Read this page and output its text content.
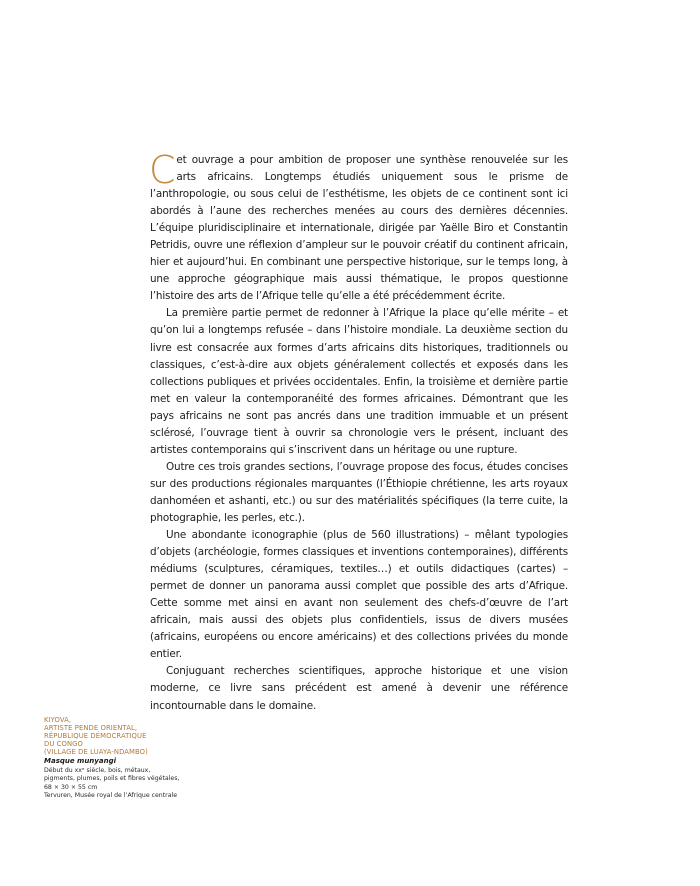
Cet ouvrage a pour ambition de proposer une synthèse renouvelée sur les arts africains. Longtemps étudiés uniquement sous le prisme de l’anthropologie, ou sous celui de l’esthétisme, les objets de ce continent sont ici abordés à l’aune des recherches menées au cours des dernières décennies. L’équipe pluridisciplinaire et internationale, dirigée par Yaëlle Biro et Constantin Petridis, ouvre une réflexion d’ampleur sur le pouvoir créatif du continent africain, hier et aujourd’hui. En combinant une perspective historique, sur le temps long, à une approche géographique mais aussi thématique, le propos questionne l’histoire des arts de l’Afrique telle qu’elle a été précédemment écrite.

La première partie permet de redonner à l’Afrique la place qu’elle mérite – et qu’on lui a longtemps refusée – dans l’histoire mondiale. La deuxième section du livre est consacrée aux formes d’arts africains dits historiques, traditionnels ou classiques, c’est-à-dire aux objets généralement collectés et exposés dans les collections publiques et privées occidentales. Enfin, la troisième et dernière partie met en valeur la contemporanéité des formes africaines. Démontrant que les pays africains ne sont pas ancrés dans une tradition immuable et un présent sclérosé, l’ouvrage tient à ouvrir sa chronologie vers le présent, incluant des artistes contemporains qui s’inscrivent dans un héritage ou une rupture.

Outre ces trois grandes sections, l’ouvrage propose des focus, études concises sur des productions régionales marquantes (l’Éthiopie chrétienne, les arts royaux danhoméen et ashanti, etc.) ou sur des matérialités spécifiques (la terre cuite, la photographie, les perles, etc.).

Une abondante iconographie (plus de 560 illustrations) – mêlant typologies d’objets (archéologie, formes classiques et inventions contemporaines), différents médiums (sculptures, céramiques, textiles…) et outils didactiques (cartes) – permet de donner un panorama aussi complet que possible des arts d’Afrique. Cette somme met ainsi en avant non seulement des chefs-d’œuvre de l’art africain, mais aussi des objets plus confidentiels, issus de divers musées (africains, européens ou encore américains) et des collections privées du monde entier.

Conjuguant recherches scientifiques, approche historique et une vision moderne, ce livre sans précédent est amené à devenir une référence incontournable dans le domaine.

KIYOVA,
ARTISTE PENDE ORIENTAL,
RÉPUBLIQUE DÉMOCRATIQUE
DU CONGO
(VILLAGE DE LUAYA-NDAMBO)
Masque munyangi
Début du xxᵉ siècle, bois, métaux,
pigments, plumes, poils et fibres végétales,
68 × 30 × 55 cm
Tervuren, Musée royal de l’Afrique centrale
